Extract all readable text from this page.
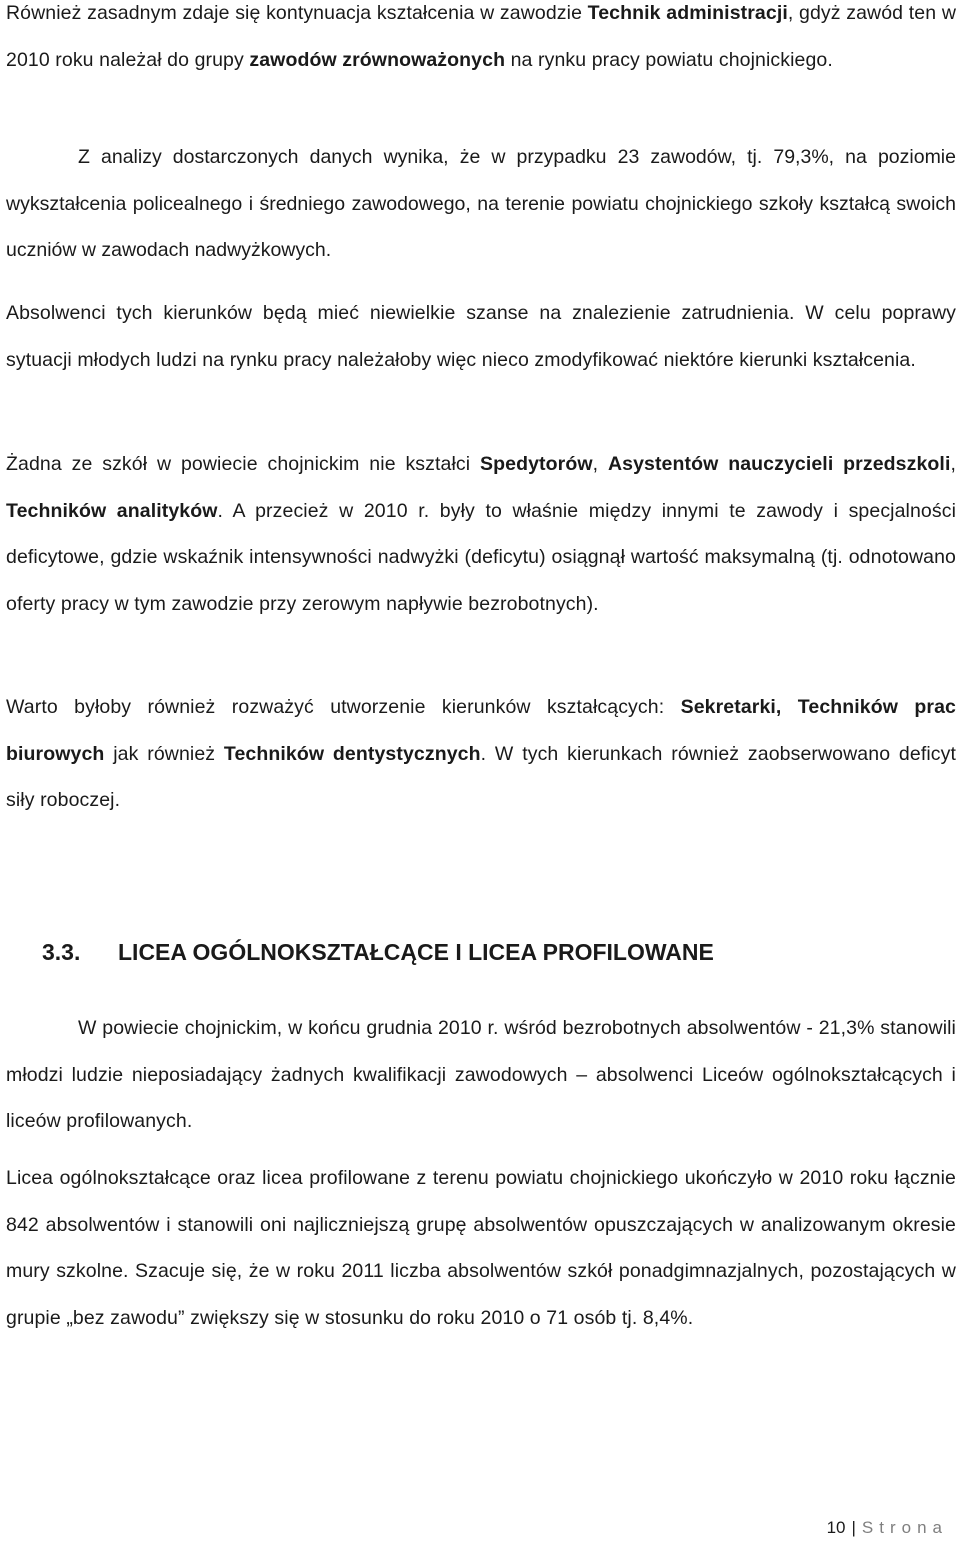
Również zasadnym zdaje się kontynuacja kształcenia w zawodzie Technik administracji, gdyż zawód ten w 2010 roku należał do grupy zawodów zrównoważonych na rynku pracy powiatu chojnickiego.

Z analizy dostarczonych danych wynika, że w przypadku 23 zawodów, tj. 79,3%, na poziomie wykształcenia policealnego i średniego zawodowego, na terenie powiatu chojnickiego szkoły kształcą swoich uczniów w zawodach nadwyżkowych.

Absolwenci tych kierunków będą mieć niewielkie szanse na znalezienie zatrudnienia. W celu poprawy sytuacji młodych ludzi na rynku pracy należałoby więc nieco zmodyfikować niektóre kierunki kształcenia.

Żadna ze szkół w powiecie chojnickim nie kształci Spedytorów, Asystentów nauczycieli przedszkoli, Techników analityków. A przecież w 2010 r. były to właśnie między innymi te zawody i specjalności deficytowe, gdzie wskaźnik intensywności nadwyżki (deficytu) osiągnął wartość maksymalną (tj. odnotowano oferty pracy w tym zawodzie przy zerowym napływie bezrobotnych).

Warto byłoby również rozważyć utworzenie kierunków kształcących: Sekretarki, Techników prac biurowych jak również Techników dentystycznych. W tych kierunkach również zaobserwowano deficyt siły roboczej.

3.3. LICEA OGÓLNOKSZTAŁCĄCE I LICEA PROFILOWANE

W powiecie chojnickim, w końcu grudnia 2010 r. wśród bezrobotnych absolwentów - 21,3% stanowili młodzi ludzie nieposiadający żadnych kwalifikacji zawodowych – absolwenci Liceów ogólnokształcących i liceów profilowanych.

Licea ogólnokształcące oraz licea profilowane z terenu powiatu chojnickiego ukończyło w 2010 roku łącznie 842 absolwentów i stanowili oni najliczniejszą grupę absolwentów opuszczających w analizowanym okresie mury szkolne. Szacuje się, że w roku 2011 liczba absolwentów szkół ponadgimnazjalnych, pozostających w grupie „bez zawodu” zwiększy się w stosunku do roku 2010 o 71 osób tj. 8,4%.

10 | Strona
